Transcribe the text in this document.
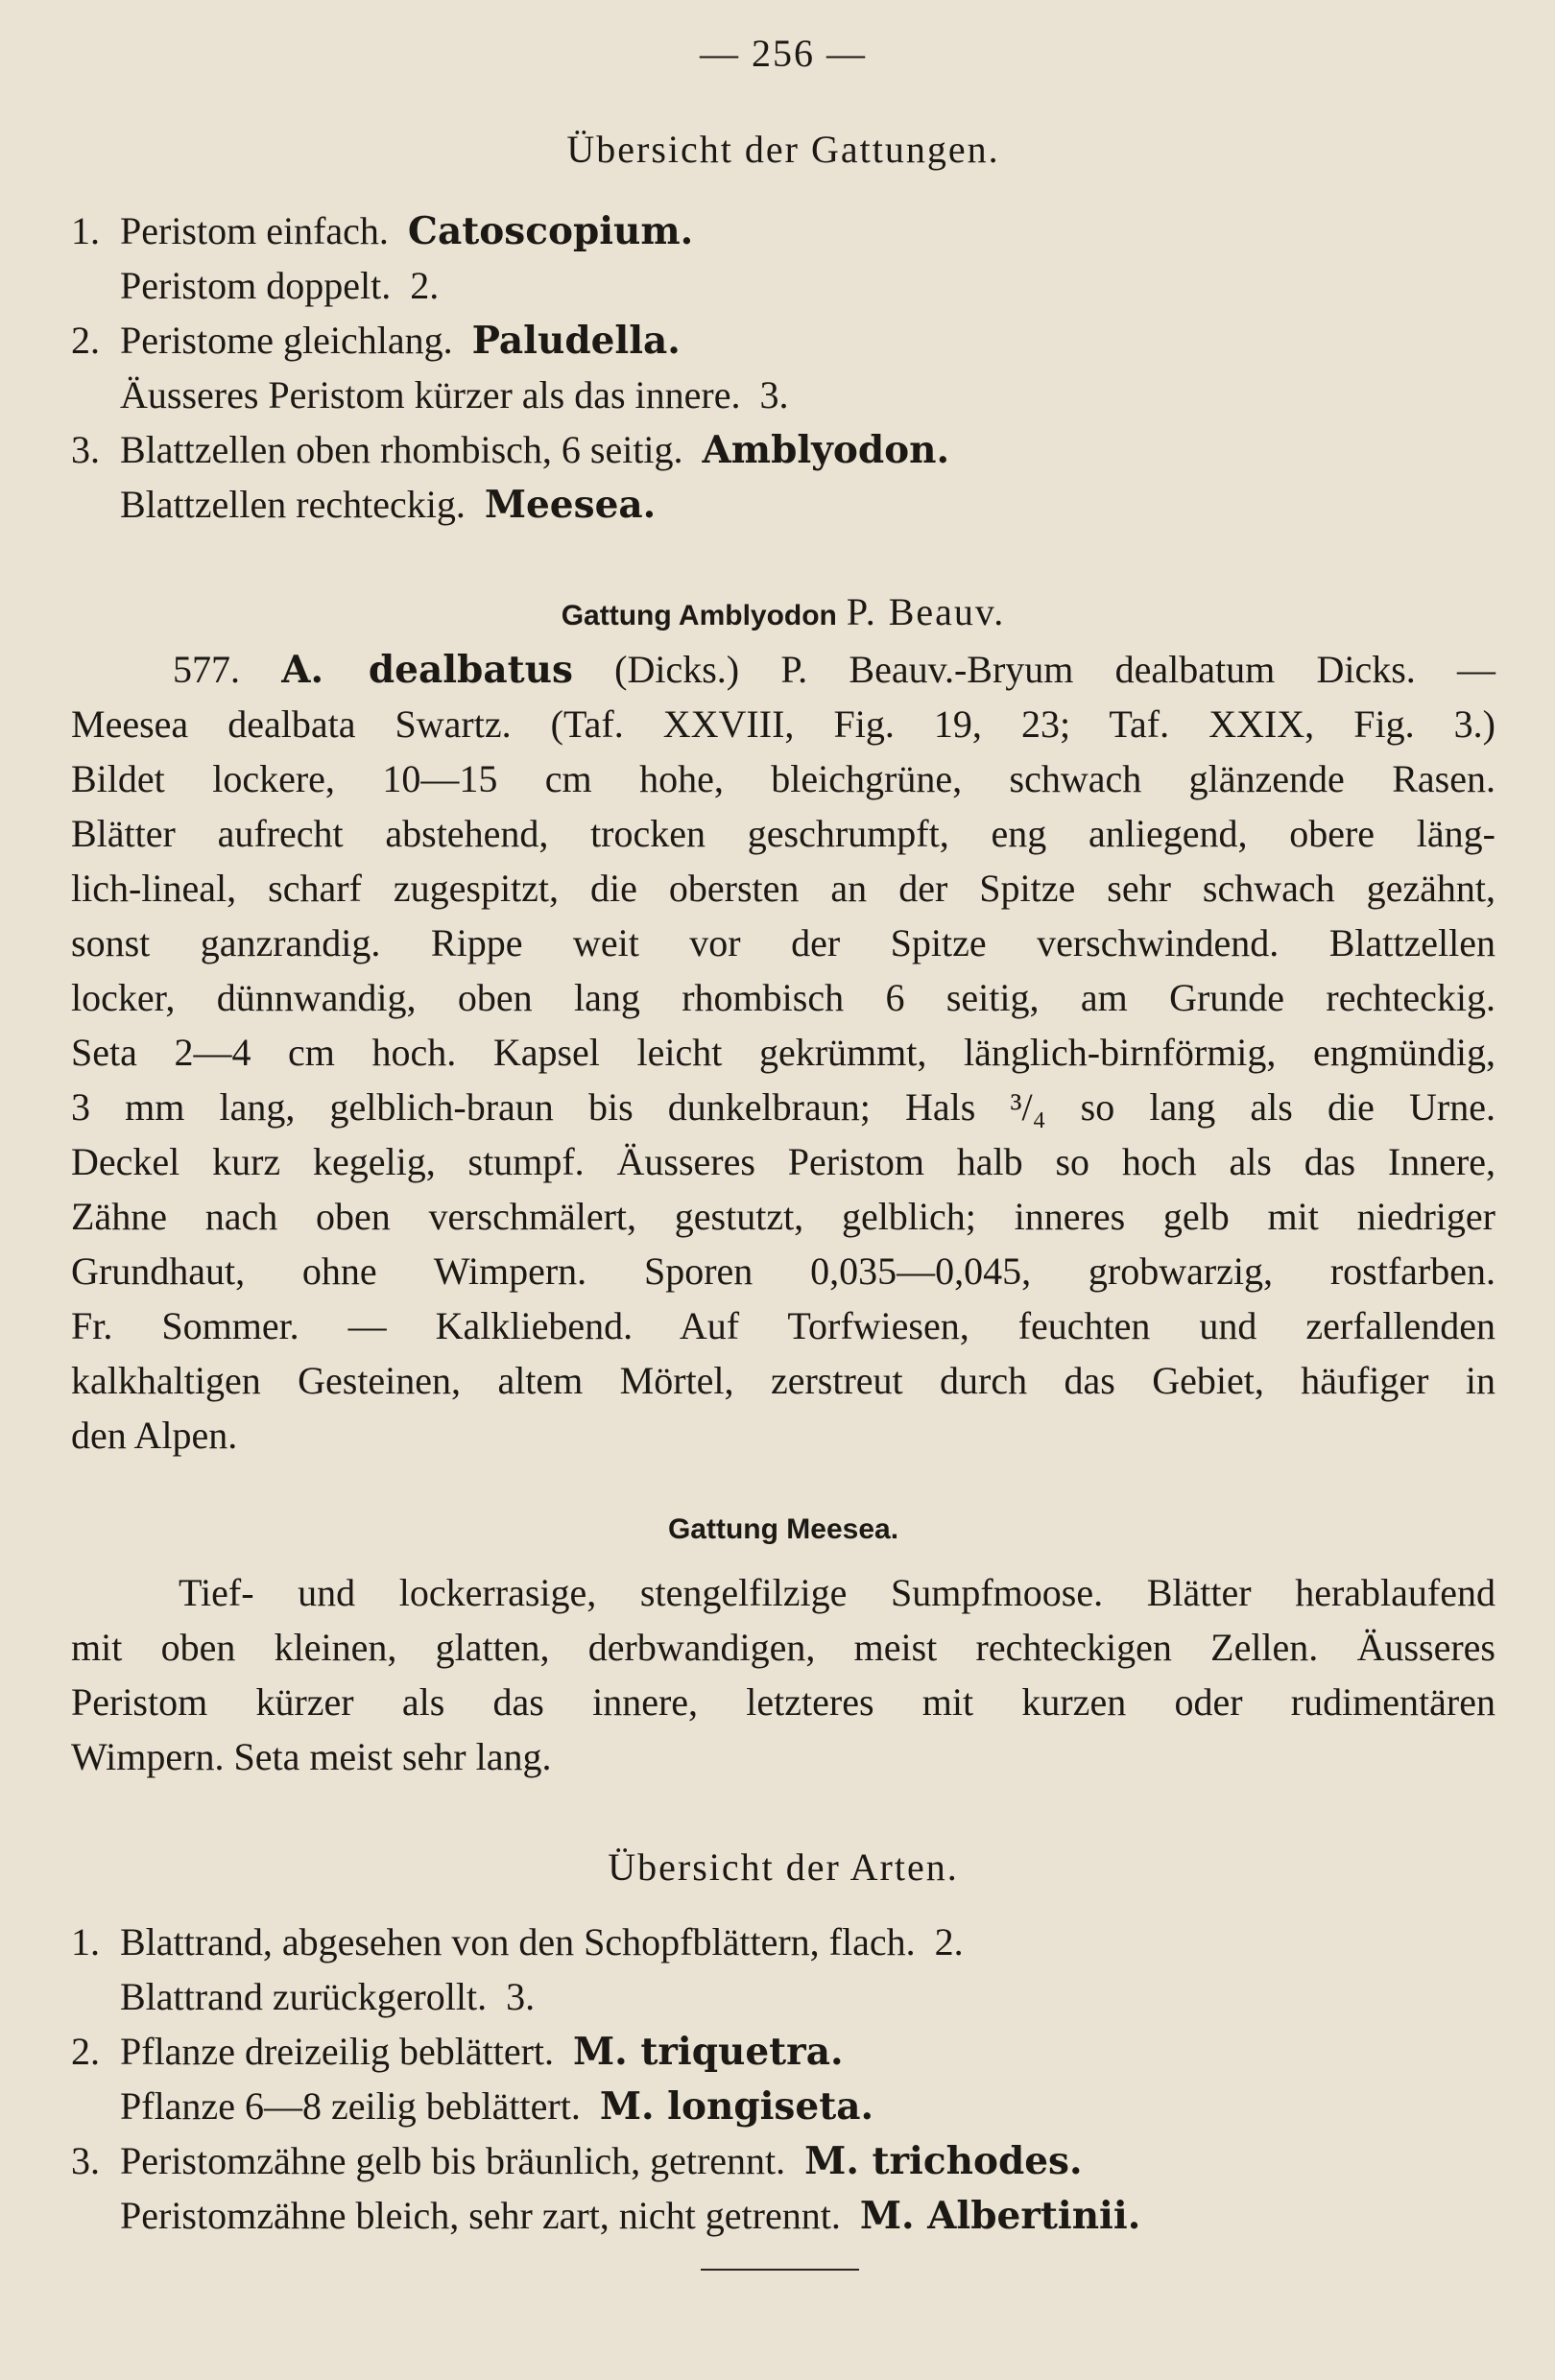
— 256 —
Übersicht der Gattungen.
1. Peristom einfach. Catoscopium.
Peristom doppelt. 2.
2. Peristome gleichlang. Paludella.
Äusseres Peristom kürzer als das innere. 3.
3. Blattzellen oben rhombisch, 6 seitig. Amblyodon.
Blattzellen rechteckig. Meesea.
Gattung Amblyodon P. Beauv.
577. A. dealbatus (Dicks.) P. Beauv.-Bryum dealbatum Dicks. —
Meesea dealbata Swartz. (Taf. XXVIII, Fig. 19, 23; Taf. XXIX, Fig. 3.)
Bildet lockere, 10—15 cm hohe, bleichgrüne, schwach glänzende Rasen.
Blätter aufrecht abstehend, trocken geschrumpft, eng anliegend, obere läng-
lich-lineal, scharf zugespitzt, die obersten an der Spitze sehr schwach gezähnt,
sonst ganzrandig. Rippe weit vor der Spitze verschwindend. Blattzellen
locker, dünnwandig, oben lang rhombisch 6 seitig, am Grunde rechteckig.
Seta 2—4 cm hoch. Kapsel leicht gekrümmt, länglich-birnförmig, engmündig,
3 mm lang, gelblich-braun bis dunkelbraun; Hals ³/₄ so lang als die Urne.
Deckel kurz kegelig, stumpf. Äusseres Peristom halb so hoch als das Innere,
Zähne nach oben verschmälert, gestutzt, gelblich; inneres gelb mit niedriger
Grundhaut, ohne Wimpern. Sporen 0,035—0,045, grobwarzig, rostfarben.
Fr. Sommer. — Kalkliebend. Auf Torfwiesen, feuchten und zerfallenden
kalkhaltigen Gesteinen, altem Mörtel, zerstreut durch das Gebiet, häufiger in
den Alpen.
Gattung Meesea.
Tief- und lockerrasige, stengelfilzige Sumpfmoose. Blätter herablaufend
mit oben kleinen, glatten, derbwandigen, meist rechteckigen Zellen. Äusseres
Peristom kürzer als das innere, letzteres mit kurzen oder rudimentären
Wimpern. Seta meist sehr lang.
Übersicht der Arten.
1. Blattrand, abgesehen von den Schopfblättern, flach. 2.
Blattrand zurückgerollt. 3.
2. Pflanze dreizeilig beblättert. M. triquetra.
Pflanze 6—8 zeilig beblättert. M. longiseta.
3. Peristomzähne gelb bis bräunlich, getrennt. M. trichodes.
Peristomzähne bleich, sehr zart, nicht getrennt. M. Albertinii.
